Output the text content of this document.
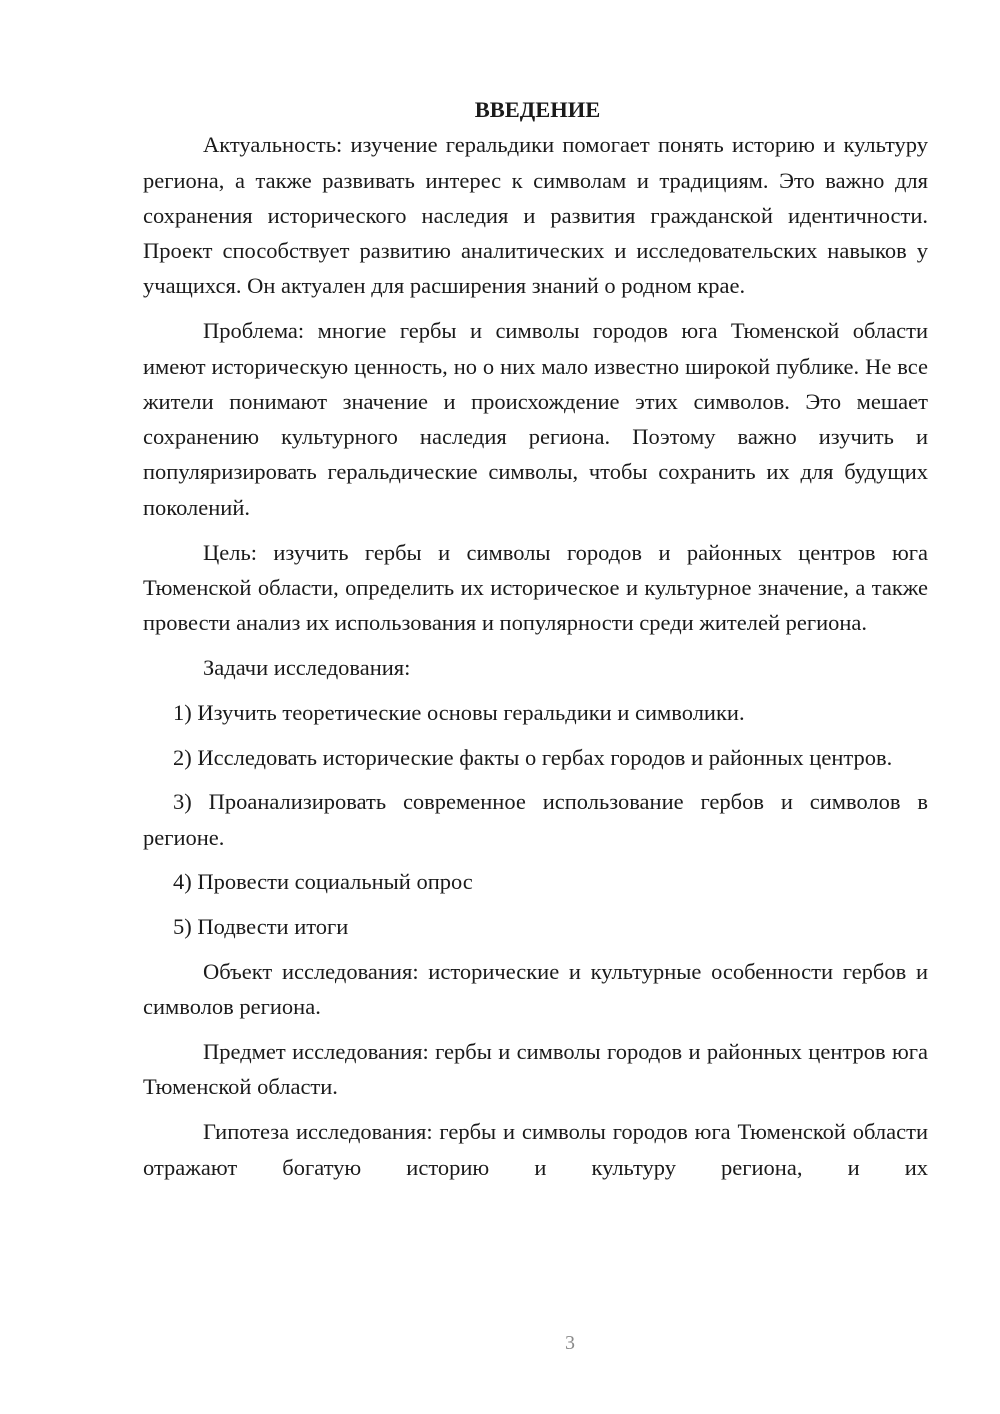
ВВЕДЕНИЕ

Актуальность: изучение геральдики помогает понять историю и культуру региона, а также развивать интерес к символам и традициям. Это важно для сохранения исторического наследия и развития гражданской идентичности. Проект способствует развитию аналитических и исследовательских навыков у учащихся. Он актуален для расширения знаний о родном крае.

Проблема: многие гербы и символы городов юга Тюменской области имеют историческую ценность, но о них мало известно широкой публике. Не все жители понимают значение и происхождение этих символов. Это мешает сохранению культурного наследия региона. Поэтому важно изучить и популяризировать геральдические символы, чтобы сохранить их для будущих поколений.

Цель: изучить гербы и символы городов и районных центров юга Тюменской области, определить их историческое и культурное значение, а также провести анализ их использования и популярности среди жителей региона.

Задачи исследования:

1) Изучить теоретические основы геральдики и символики.

2) Исследовать исторические факты о гербах городов и районных центров.

3) Проанализировать современное использование гербов и символов в регионе.

4) Провести социальный опрос

5) Подвести итоги

Объект исследования: исторические и культурные особенности гербов и символов региона.

Предмет исследования: гербы и символы городов и районных центров юга Тюменской области.

Гипотеза исследования: гербы и символы городов юга Тюменской области отражают богатую историю и культуру региона, и их

3
